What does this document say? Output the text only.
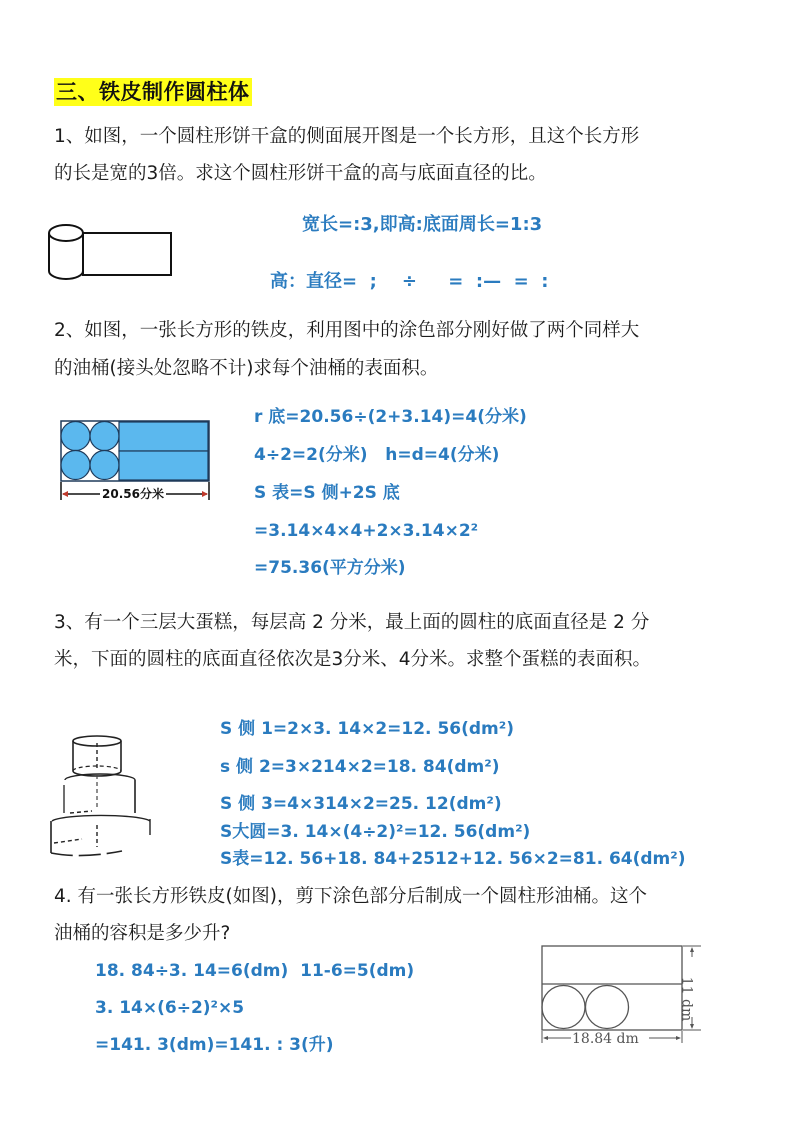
三、铁皮制作圆柱体
1、如图，一个圆柱形饼干盒的侧面展开图是一个长方形，且这个长方形
的长是宽的3倍。求这个圆柱形饼干盒的高与底面直径的比。
宽长=:3,即高:底面周长=1:3
高：直径=  ;    ÷     =  :—  =  :
2、如图，一张长方形的铁皮，利用图中的涂色部分刚好做了两个同样大
的油桶(接头处忽略不计)求每个油桶的表面积。
20.56分米
r 底=20.56÷(2+3.14)=4(分米)
4÷2=2(分米)   h=d=4(分米)
S 表=S 侧+2S 底
=3.14×4×4+2×3.14×2²
=75.36(平方分米)
3、有一个三层大蛋糕，每层高 2 分米，最上面的圆柱的底面直径是 2 分
米，下面的圆柱的底面直径依次是3分米、4分米。求整个蛋糕的表面积。
S 侧 1=2×3. 14×2=12. 56(dm²)
s 侧 2=3×214×2=18. 84(dm²)
S 侧 3=4×314×2=25. 12(dm²)
S大圆=3. 14×(4÷2)²=12. 56(dm²)
S表=12. 56+18. 84+2512+12. 56×2=81. 64(dm²)
4. 有一张长方形铁皮(如图)，剪下涂色部分后制成一个圆柱形油桶。这个
油桶的容积是多少升?
18.84 dm
11 dm
18. 84÷3. 14=6(dm)  11-6=5(dm)
3. 14×(6÷2)²×5
=141. 3(dm)=141. : 3(升)
